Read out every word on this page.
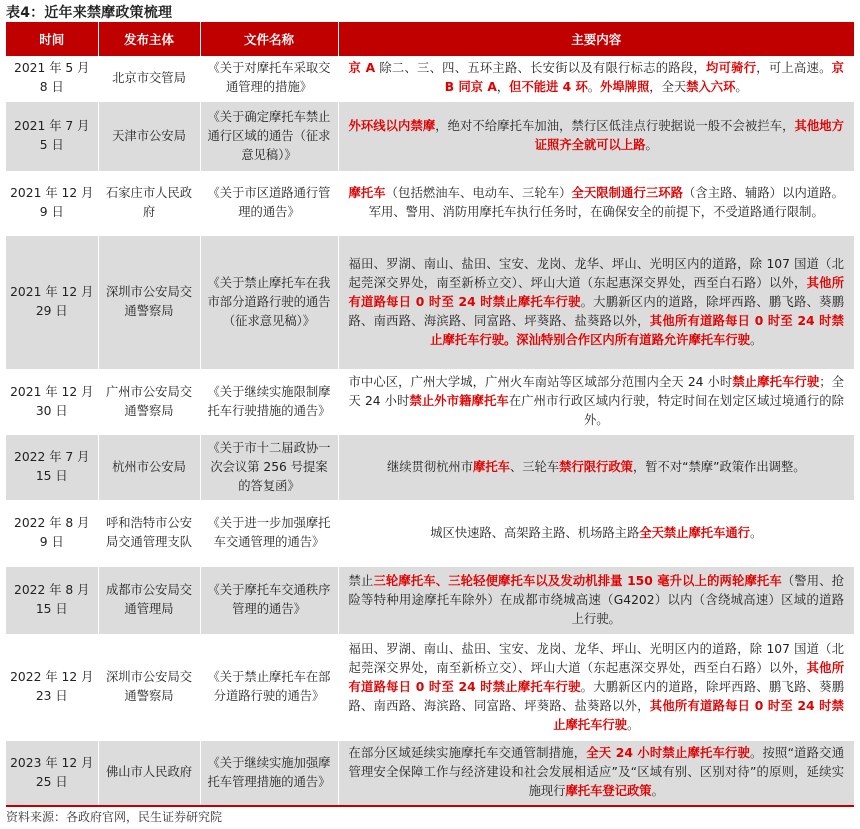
表4：近年来禁摩政策梳理
时间	发布主体	文件名称	主要内容
2021 年 5 月 8 日	北京市交管局	《关于对摩托车采取交通管理的措施》	京 A 除二、三、四、五环主路、长安街以及有限行标志的路段，均可骑行，可上高速。京 B 同京 A，但不能进 4 环。外埠牌照，全天禁入六环。
2021 年 7 月 5 日	天津市公安局	《关于确定摩托车禁止通行区域的通告（征求意见稿）》	外环线以内禁摩，绝对不给摩托车加油，禁行区低洼点行驶据说一般不会被拦车，其他地方证照齐全就可以上路。
2021 年 12 月 9 日	石家庄市人民政府	《关于市区道路通行管理的通告》	摩托车（包括燃油车、电动车、三轮车）全天限制通行三环路（含主路、辅路）以内道路。军用、警用、消防用摩托车执行任务时，在确保安全的前提下，不受道路通行限制。
2021 年 12 月 29 日	深圳市公安局交通警察局	《关于禁止摩托车在我市部分道路行驶的通告（征求意见稿）》	福田、罗湖、南山、盐田、宝安、龙岗、龙华、坪山、光明区内的道路，除 107 国道（北起莞深交界处，南至新桥立交）、坪山大道（东起惠深交界处，西至白石路）以外，其他所有道路每日 0 时至 24 时禁止摩托车行驶。大鹏新区内的道路，除坪西路、鹏飞路、葵鹏路、南西路、海滨路、同富路、坪葵路、盐葵路以外，其他所有道路每日 0 时至 24 时禁止摩托车行驶。深汕特别合作区内所有道路允许摩托车行驶。
2021 年 12 月 30 日	广州市公安局交通警察局	《关于继续实施限制摩托车行驶措施的通告》	市中心区，广州大学城，广州火车南站等区域部分范围内全天 24 小时禁止摩托车行驶；全天 24 小时禁止外市籍摩托车在广州市行政区域内行驶，特定时间在划定区域过境通行的除外。
2022 年 7 月 15 日	杭州市公安局	《关于市十二届政协一次会议第 256 号提案的答复函》	继续贯彻杭州市摩托车、三轮车禁行限行政策，暂不对“禁摩”政策作出调整。
2022 年 8 月 9 日	呼和浩特市公安局交通管理支队	《关于进一步加强摩托车交通管理的通告》	城区快速路、高架路主路、机场路主路全天禁止摩托车通行。
2022 年 8 月 15 日	成都市公安局交通管理局	《关于摩托车交通秩序管理的通告》	禁止三轮摩托车、三轮轻便摩托车以及发动机排量 150 毫升以上的两轮摩托车（警用、抢险等特种用途摩托车除外）在成都市绕城高速（G4202）以内（含绕城高速）区域的道路上行驶。
2022 年 12 月 23 日	深圳市公安局交通警察局	《关于禁止摩托车在部分道路行驶的通告》	福田、罗湖、南山、盐田、宝安、龙岗、龙华、坪山、光明区内的道路，除 107 国道（北起莞深交界处，南至新桥立交）、坪山大道（东起惠深交界处，西至白石路）以外，其他所有道路每日 0 时至 24 时禁止摩托车行驶。大鹏新区内的道路，除坪西路、鹏飞路、葵鹏路、南西路、海滨路、同富路、坪葵路、盐葵路以外，其他所有道路每日 0 时至 24 时禁止摩托车行驶。
2023 年 12 月 25 日	佛山市人民政府	《关于继续实施加强摩托车管理措施的通告》	在部分区域延续实施摩托车交通管制措施，全天 24 小时禁止摩托车行驶。按照“道路交通管理安全保障工作与经济建设和社会发展相适应”及“区域有别、区别对待”的原则，延续实施现行摩托车登记政策。
资料来源：各政府官网，民生证券研究院
